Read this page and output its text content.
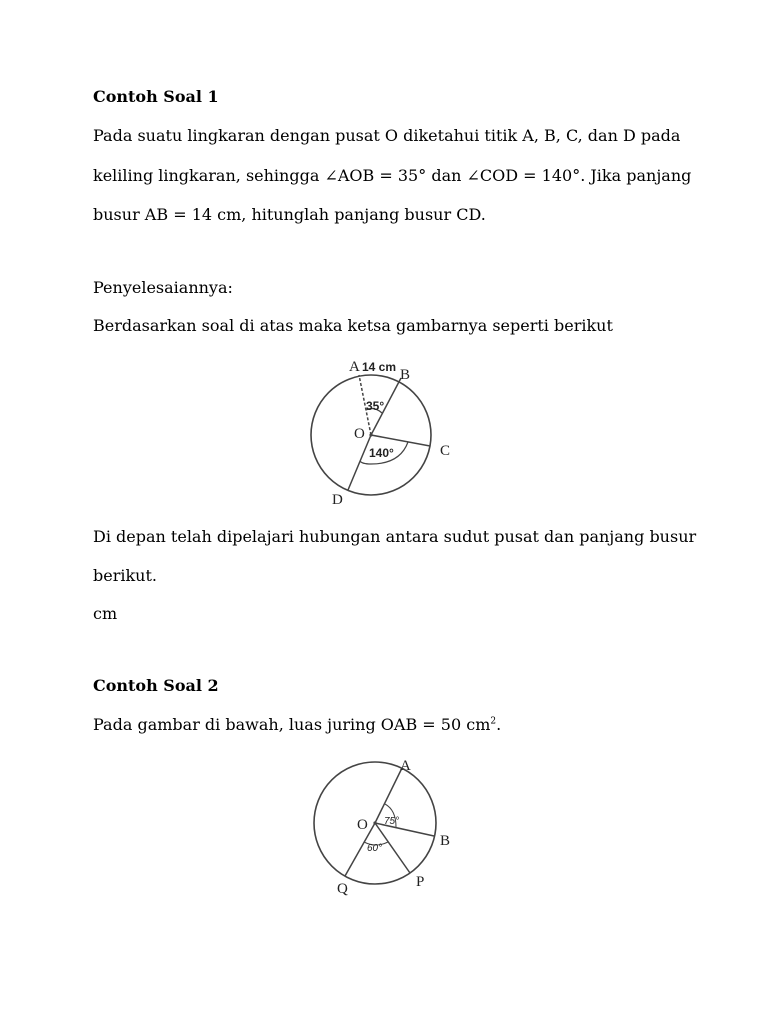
Contoh Soal 1
Pada suatu lingkaran dengan pusat O diketahui titik A, B, C, dan D pada
keliling lingkaran, sehingga ∠AOB = 35° dan ∠COD = 140°. Jika panjang
busur AB = 14 cm, hitunglah panjang busur CD.
Penyelesaiannya:
Berdasarkan soal di atas maka ketsa gambarnya seperti berikut
A 14 cm B
35°
O
C
140°
D
Di depan telah dipelajari hubungan antara sudut pusat dan panjang busur
berikut.
cm
Contoh Soal 2
Pada gambar di bawah, luas juring OAB = 50 $cm^2$.
A
O 75°
B
60°
P
Q
